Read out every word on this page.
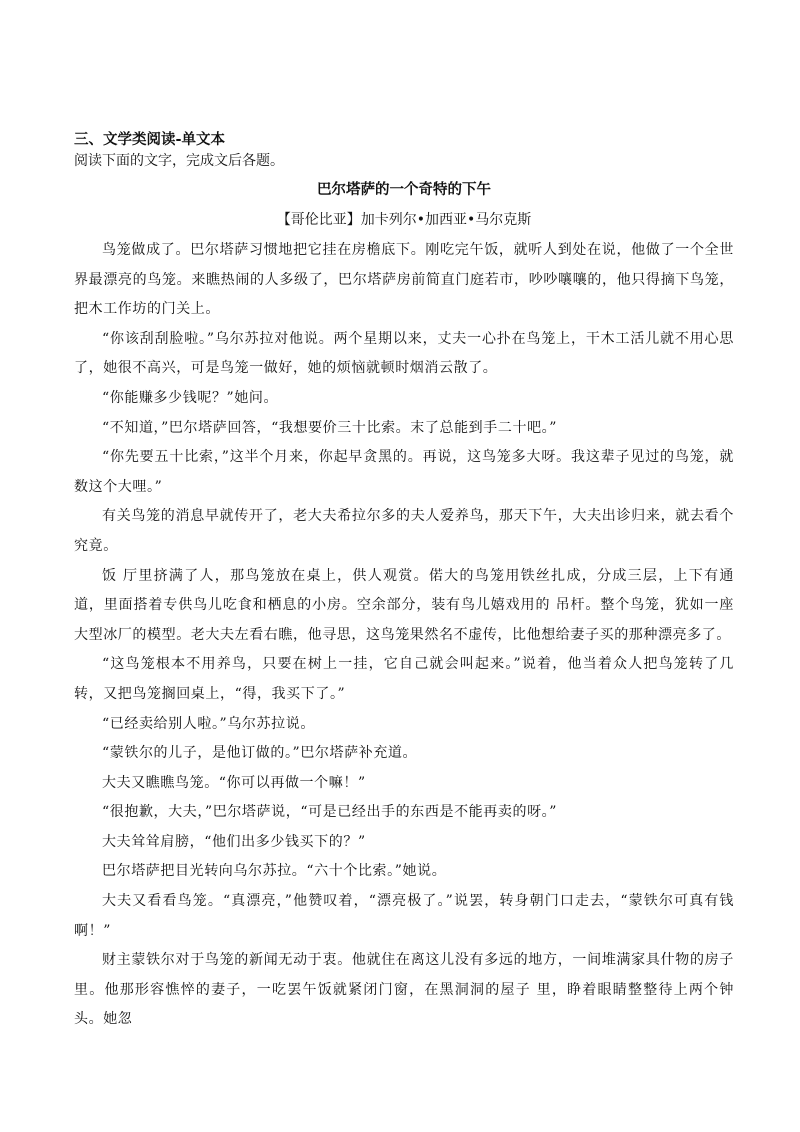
三、文学类阅读-单文本

阅读下面的文字，完成文后各题。

巴尔塔萨的一个奇特的下午

【哥伦比亚】加卡列尔•加西亚•马尔克斯

鸟笼做成了。巴尔塔萨习惯地把它挂在房檐底下。刚吃完午饭，就听人到处在说，他做了一个全世界最漂亮的鸟笼。来瞧热闹的人多级了，巴尔塔萨房前简直门庭若市，吵吵嚷嚷的，他只得摘下鸟笼，把木工作坊的门关上。

“你该刮刮脸啦。”乌尔苏拉对他说。两个星期以来，丈夫一心扑在鸟笼上，干木工活儿就不用心思了，她很不高兴，可是鸟笼一做好，她的烦恼就顿时烟消云散了。

“你能赚多少钱呢？”她问。

“不知道，”巴尔塔萨回答，“我想要价三十比索。末了总能到手二十吧。”

“你先要五十比索，”这半个月来，你起早贪黑的。再说，这鸟笼多大呀。我这辈子见过的鸟笼，就数这个大哩。”

有关鸟笼的消息早就传开了，老大夫希拉尔多的夫人爱养鸟，那天下午，大夫出诊归来，就去看个究竟。

饭 厅里挤满了人，那鸟笼放在桌上，供人观赏。偌大的鸟笼用铁丝扎成，分成三层，上下有通道，里面搭着专供鸟儿吃食和栖息的小房。空余部分，装有鸟儿嬉戏用的 吊杆。整个鸟笼，犹如一座大型冰厂的模型。老大夫左看右瞧，他寻思，这鸟笼果然名不虚传，比他想给妻子买的那种漂亮多了。

“这鸟笼根本不用养鸟，只要在树上一挂，它自己就会叫起来。”说着，他当着众人把鸟笼转了几转，又把鸟笼搁回桌上，“得，我买下了。”

“已经卖给别人啦。”乌尔苏拉说。

“蒙铁尔的儿子，是他订做的。”巴尔塔萨补充道。

大夫又瞧瞧鸟笼。“你可以再做一个嘛！”

“很抱歉，大夫，”巴尔塔萨说，“可是已经出手的东西是不能再卖的呀。”

大夫耸耸肩膀，“他们出多少钱买下的？”

巴尔塔萨把目光转向乌尔苏拉。“六十个比索。”她说。

大夫又看看鸟笼。“真漂亮，”他赞叹着，“漂亮极了。”说罢，转身朝门口走去，“蒙铁尔可真有钱啊！”

财主蒙铁尔对于鸟笼的新闻无动于衷。他就住在离这儿没有多远的地方，一间堆满家具什物的房子里。他那形容憔悴的妻子，一吃罢午饭就紧闭门窗，在黑洞洞的屋子 里，睁着眼睛整整待上两个钟头。她忽
